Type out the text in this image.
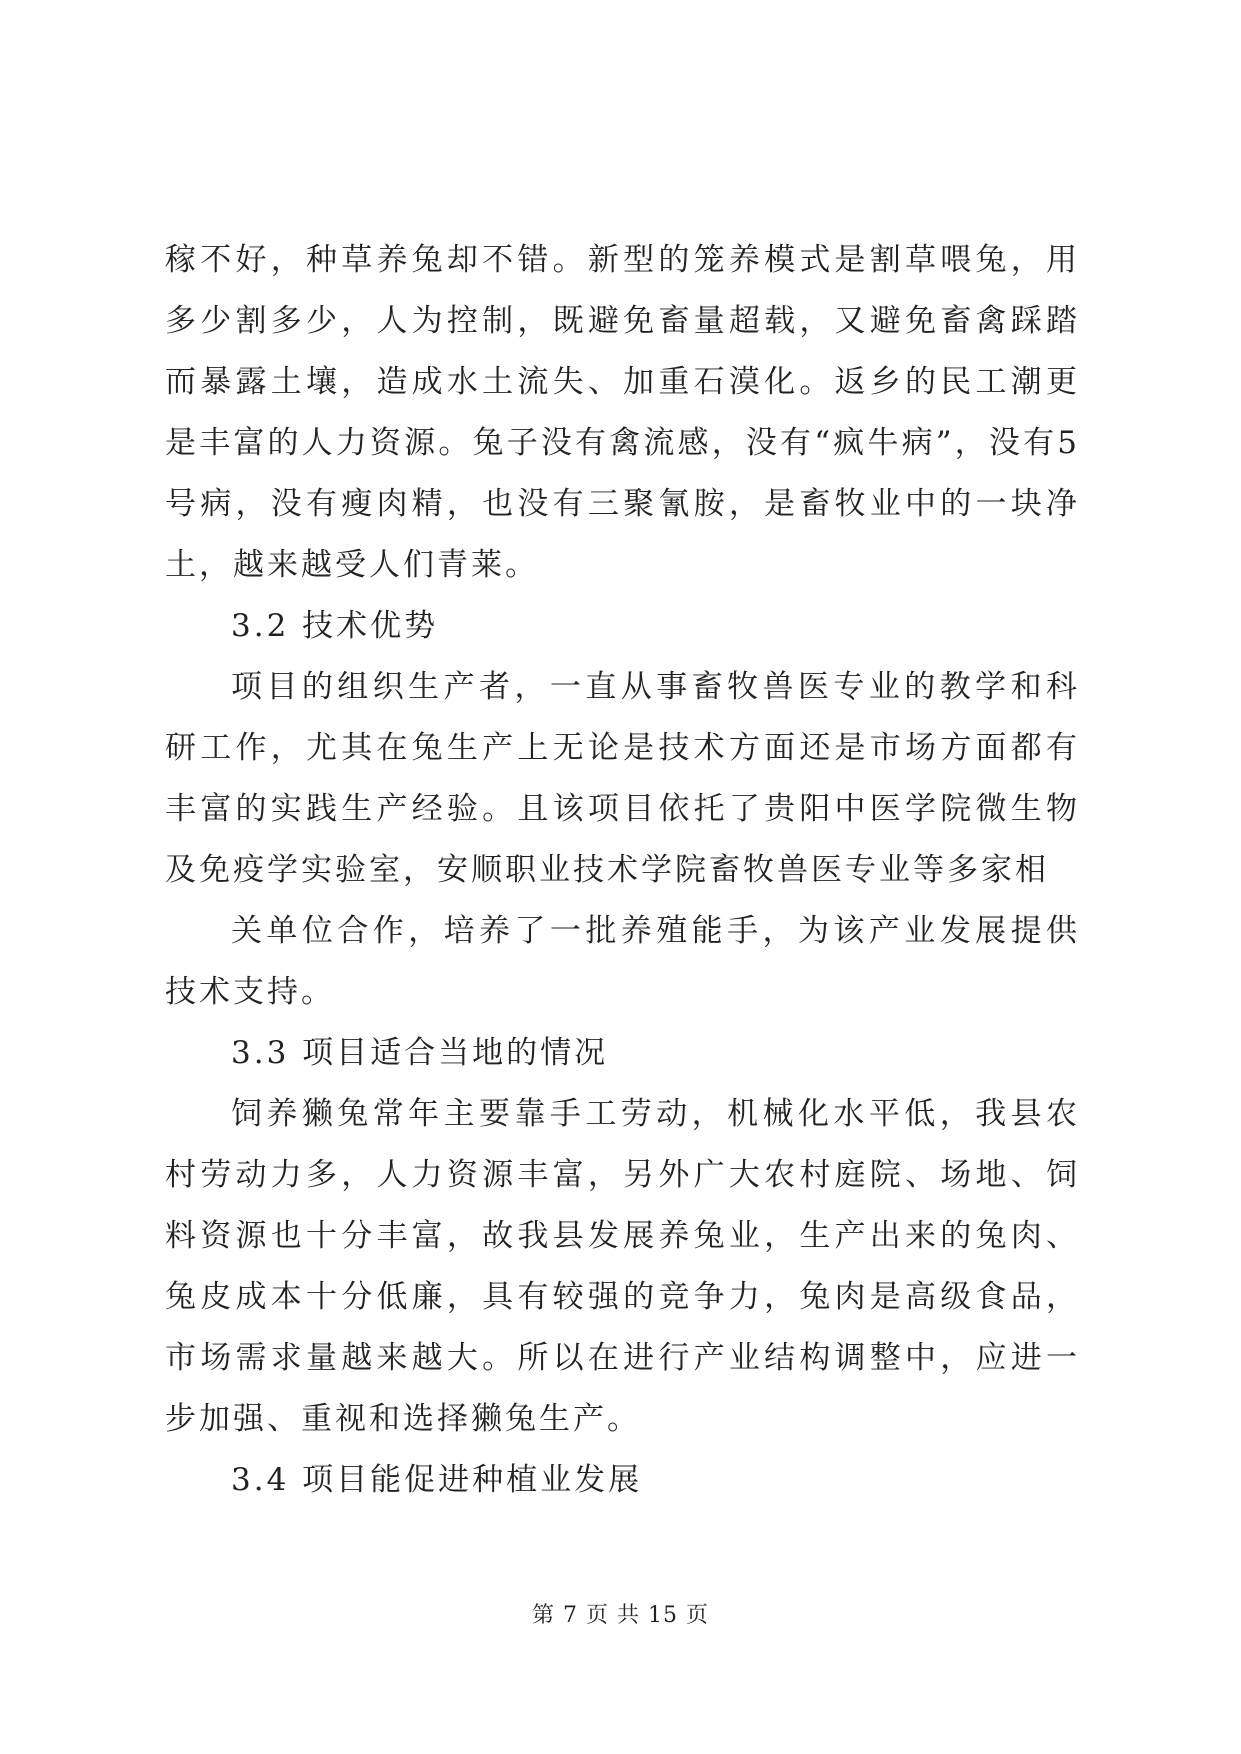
稼不好，种草养兔却不错。新型的笼养模式是割草喂兔，用多少割多少，人为控制，既避免畜量超载，又避免畜禽踩踏而暴露土壤，造成水土流失、加重石漠化。返乡的民工潮更是丰富的人力资源。兔子没有禽流感，没有“疯牛病”，没有5号病，没有瘦肉精，也没有三聚氰胺，是畜牧业中的一块净土，越来越受人们青莱。

3.2 技术优势

项目的组织生产者，一直从事畜牧兽医专业的教学和科研工作，尤其在兔生产上无论是技术方面还是市场方面都有丰富的实践生产经验。且该项目依托了贵阳中医学院微生物及免疫学实验室，安顺职业技术学院畜牧兽医专业等多家相

关单位合作，培养了一批养殖能手，为该产业发展提供技术支持。

3.3 项目适合当地的情况

饲养獭兔常年主要靠手工劳动，机械化水平低，我县农村劳动力多，人力资源丰富，另外广大农村庭院、场地、饲料资源也十分丰富，故我县发展养兔业，生产出来的兔肉、兔皮成本十分低廉，具有较强的竞争力，兔肉是高级食品，市场需求量越来越大。所以在进行产业结构调整中，应进一步加强、重视和选择獭兔生产。

3.4 项目能促进种植业发展

第 7 页 共 15 页
